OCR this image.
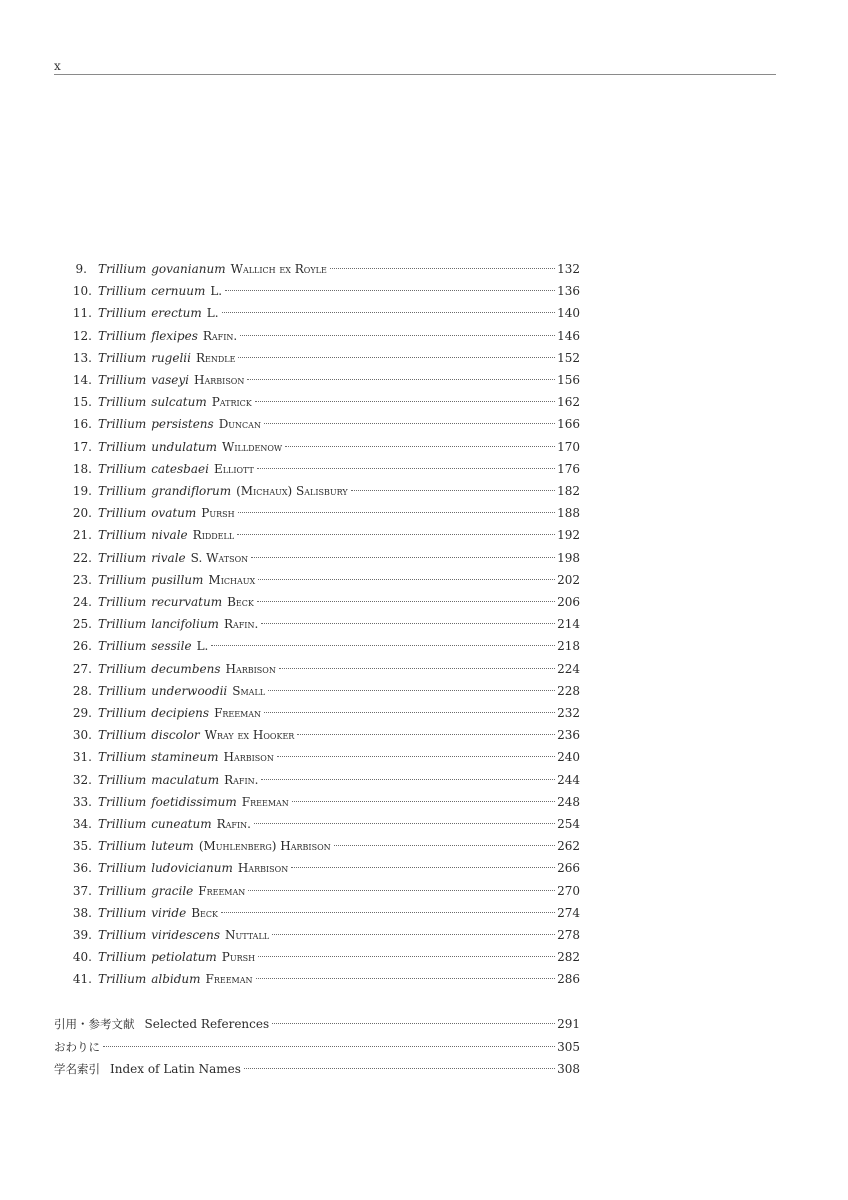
x
9. Trillium govanianum Wallich ex Royle	132
10. Trillium cernuum L.	136
11. Trillium erectum L.	140
12. Trillium flexipes Rafin.	146
13. Trillium rugelii Rendle	152
14. Trillium vaseyi Harbison	156
15. Trillium sulcatum Patrick	162
16. Trillium persistens Duncan	166
17. Trillium undulatum Willdenow	170
18. Trillium catesbaei Elliott	176
19. Trillium grandiflorum (Michaux) Salisbury	182
20. Trillium ovatum Pursh	188
21. Trillium nivale Riddell	192
22. Trillium rivale S. Watson	198
23. Trillium pusillum Michaux	202
24. Trillium recurvatum Beck	206
25. Trillium lancifolium Rafin.	214
26. Trillium sessile L.	218
27. Trillium decumbens Harbison	224
28. Trillium underwoodii Small	228
29. Trillium decipiens Freeman	232
30. Trillium discolor Wray ex Hooker	236
31. Trillium stamineum Harbison	240
32. Trillium maculatum Rafin.	244
33. Trillium foetidissimum Freeman	248
34. Trillium cuneatum Rafin.	254
35. Trillium luteum (Muhlenberg) Harbison	262
36. Trillium ludovicianum Harbison	266
37. Trillium gracile Freeman	270
38. Trillium viride Beck	274
39. Trillium viridescens Nuttall	278
40. Trillium petiolatum Pursh	282
41. Trillium albidum Freeman	286
引用・参考文献 Selected References	291
おわりに	305
学名索引 Index of Latin Names	308
